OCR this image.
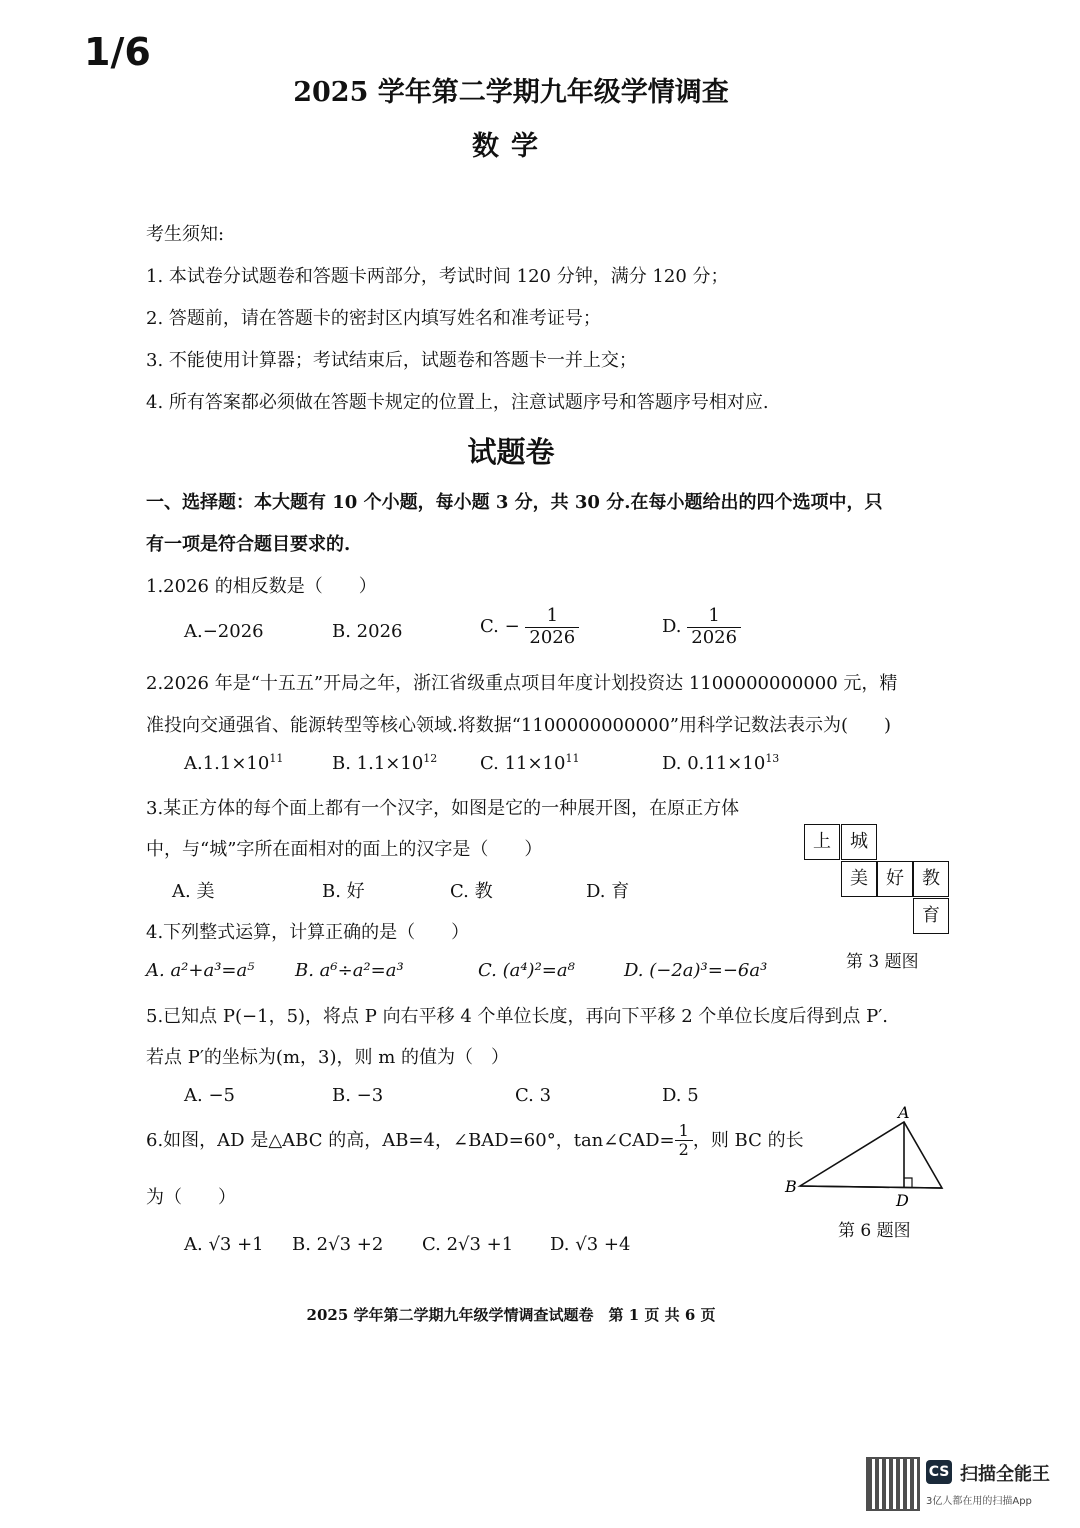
1/6
2025 学年第二学期九年级学情调查
数学
考生须知:
1. 本试卷分试题卷和答题卡两部分，考试时间 120 分钟，满分 120 分；
2. 答题前，请在答题卡的密封区内填写姓名和准考证号；
3. 不能使用计算器；考试结束后，试题卷和答题卡一并上交；
4. 所有答案都必须做在答题卡规定的位置上，注意试题序号和答题序号相对应.
试题卷
一、选择题：本大题有 10 个小题，每小题 3 分，共 30 分.在每小题给出的四个选项中，只
有一项是符合题目要求的.
1.2026 的相反数是（　　）
A.−2026	B. 2026	C. − $\frac{1}{2026}$	D. $\frac{1}{2026}$
2.2026 年是“十五五”开局之年，浙江省级重点项目年度计划投资达 1100000000000 元，精
准投向交通强省、能源转型等核心领域.将数据“1100000000000”用科学记数法表示为(　　)
$A.1.1\times 10^{11}$	B. $1.1\times 10^{12}$ C. $11\times 10^{11}$	D. $0.11\times 10^{13}$
3.某正方体的每个面上都有一个汉字，如图是它的一种展开图，在原正方体
中，与“城”字所在面相对的面上的汉字是（　　）
A. 美	B. 好	C. 教	D. 育
上	城
美	好	教
育
第 3 题图
4.下列整式运算，计算正确的是（　　）
A. a²+a³=a⁵ B. a⁶÷a²=a³	C. (a⁴)²=a⁸	D. (−2a)³=−6a³
5.已知点 P(−1，5)，将点 P 向右平移 4 个单位长度，再向下平移 2 个单位长度后得到点 P′.
若点 P′的坐标为(m，3)，则 m 的值为（　）
A. −5	B. −3	C. 3	D. 5
6.如图，AD 是△ABC 的高，AB=4，∠BAD=60°，tan∠CAD= $\frac{1}{2}$ ，则 BC 的长
为（　　）
A. √3 +1 B. 2√3 +2 C. 2√3 +1 D. √3 +4
A
B
D
第 6 题图
2025 学年第二学期九年级学情调查试题卷　第 1 页 共 6 页
CS 扫描全能王
3亿人都在用的扫描App
